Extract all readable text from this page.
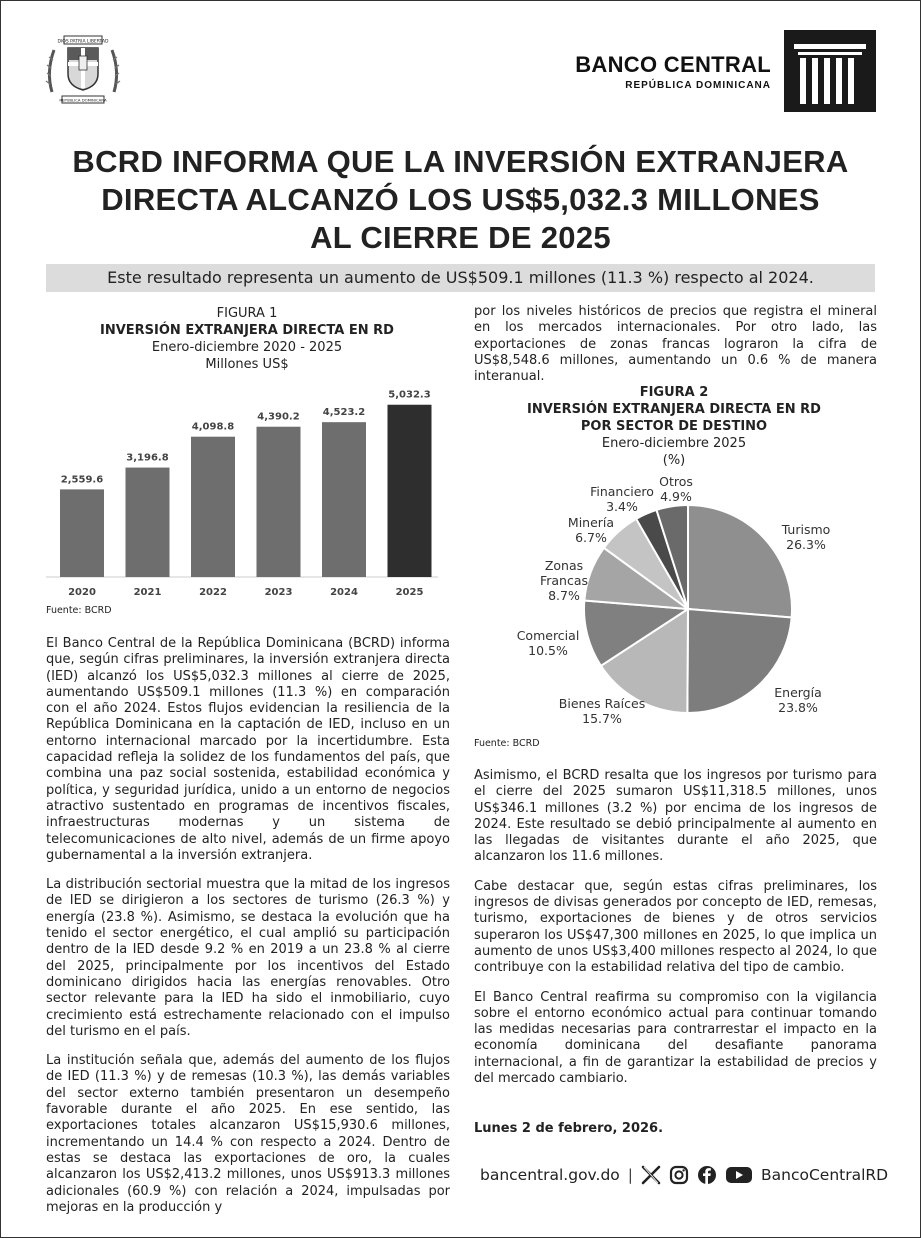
DIOS PATRIA LIBERTAD
REPÚBLICA DOMINICANA
BANCO CENTRAL
REPÚBLICA DOMINICANA
BCRD INFORMA QUE LA INVERSIÓN EXTRANJERA
DIRECTA ALCANZÓ LOS US$5,032.3 MILLONES
AL CIERRE DE 2025
Este resultado representa un aumento de US$509.1 millones (11.3 %) respecto al 2024.
FIGURA 1
INVERSIÓN EXTRANJERA DIRECTA EN RD
Enero-diciembre 2020 - 2025
Millones US$
2,559.6
2020
3,196.8
2021
4,098.8
2022
4,390.2
2023
4,523.2
2024
5,032.3
2025
Fuente: BCRD

El Banco Central de la República Dominicana (BCRD) informa que, según cifras preliminares, la inversión extranjera directa (IED) alcanzó los US$5,032.3 millones al cierre de 2025, aumentando US$509.1 millones (11.3 %) en comparación con el año 2024. Estos flujos evidencian la resiliencia de la República Dominicana en la captación de IED, incluso en un entorno internacional marcado por la incertidumbre. Esta capacidad refleja la solidez de los fundamentos del país, que combina una paz social sostenida, estabilidad económica y política, y seguridad jurídica, unido a un entorno de negocios atractivo sustentado en programas de incentivos fiscales, infraestructuras modernas y un sistema de telecomunicaciones de alto nivel, además de un firme apoyo gubernamental a la inversión extranjera.

La distribución sectorial muestra que la mitad de los ingresos de IED se dirigieron a los sectores de turismo (26.3 %) y energía (23.8 %). Asimismo, se destaca la evolución que ha tenido el sector energético, el cual amplió su participación dentro de la IED desde 9.2 % en 2019 a un 23.8 % al cierre del 2025, principalmente por los incentivos del Estado dominicano dirigidos hacia las energías renovables. Otro sector relevante para la IED ha sido el inmobiliario, cuyo crecimiento está estrechamente relacionado con el impulso del turismo en el país.

La institución señala que, además del aumento de los flujos de IED (11.3 %) y de remesas (10.3 %), las demás variables del sector externo también presentaron un desempeño favorable durante el año 2025. En ese sentido, las exportaciones totales alcanzaron US$15,930.6 millones, incrementando un 14.4 % con respecto a 2024. Dentro de estas se destaca las exportaciones de oro, la cuales alcanzaron los US$2,413.2 millones, unos US$913.3 millones adicionales (60.9 %) con relación a 2024, impulsadas por mejoras en la producción y

por los niveles históricos de precios que registra el mineral en los mercados internacionales. Por otro lado, las exportaciones de zonas francas lograron la cifra de US$8,548.6 millones, aumentando un 0.6 % de manera interanual.

FIGURA 2
INVERSIÓN EXTRANJERA DIRECTA EN RD
POR SECTOR DE DESTINO
Enero-diciembre 2025
(%)
Turismo
26.3%
Energía
23.8%
Bienes Raíces
15.7%
Comercial
10.5%
Zonas
Francas
8.7%
Minería
6.7%
Financiero
3.4%
Otros
4.9%
Fuente: BCRD

Asimismo, el BCRD resalta que los ingresos por turismo para el cierre del 2025 sumaron US$11,318.5 millones, unos US$346.1 millones (3.2 %) por encima de los ingresos de 2024. Este resultado se debió principalmente al aumento en las llegadas de visitantes durante el año 2025, que alcanzaron los 11.6 millones.

Cabe destacar que, según estas cifras preliminares, los ingresos de divisas generados por concepto de IED, remesas, turismo, exportaciones de bienes y de otros servicios superaron los US$47,300 millones en 2025, lo que implica un aumento de unos US$3,400 millones respecto al 2024, lo que contribuye con la estabilidad relativa del tipo de cambio.

El Banco Central reafirma su compromiso con la vigilancia sobre el entorno económico actual para continuar tomando las medidas necesarias para contrarrestar el impacto en la economía dominicana del desafiante panorama internacional, a fin de garantizar la estabilidad de precios y del mercado cambiario.

Lunes 2 de febrero, 2026.
bancentral.gov.do |	BancoCentralRD
